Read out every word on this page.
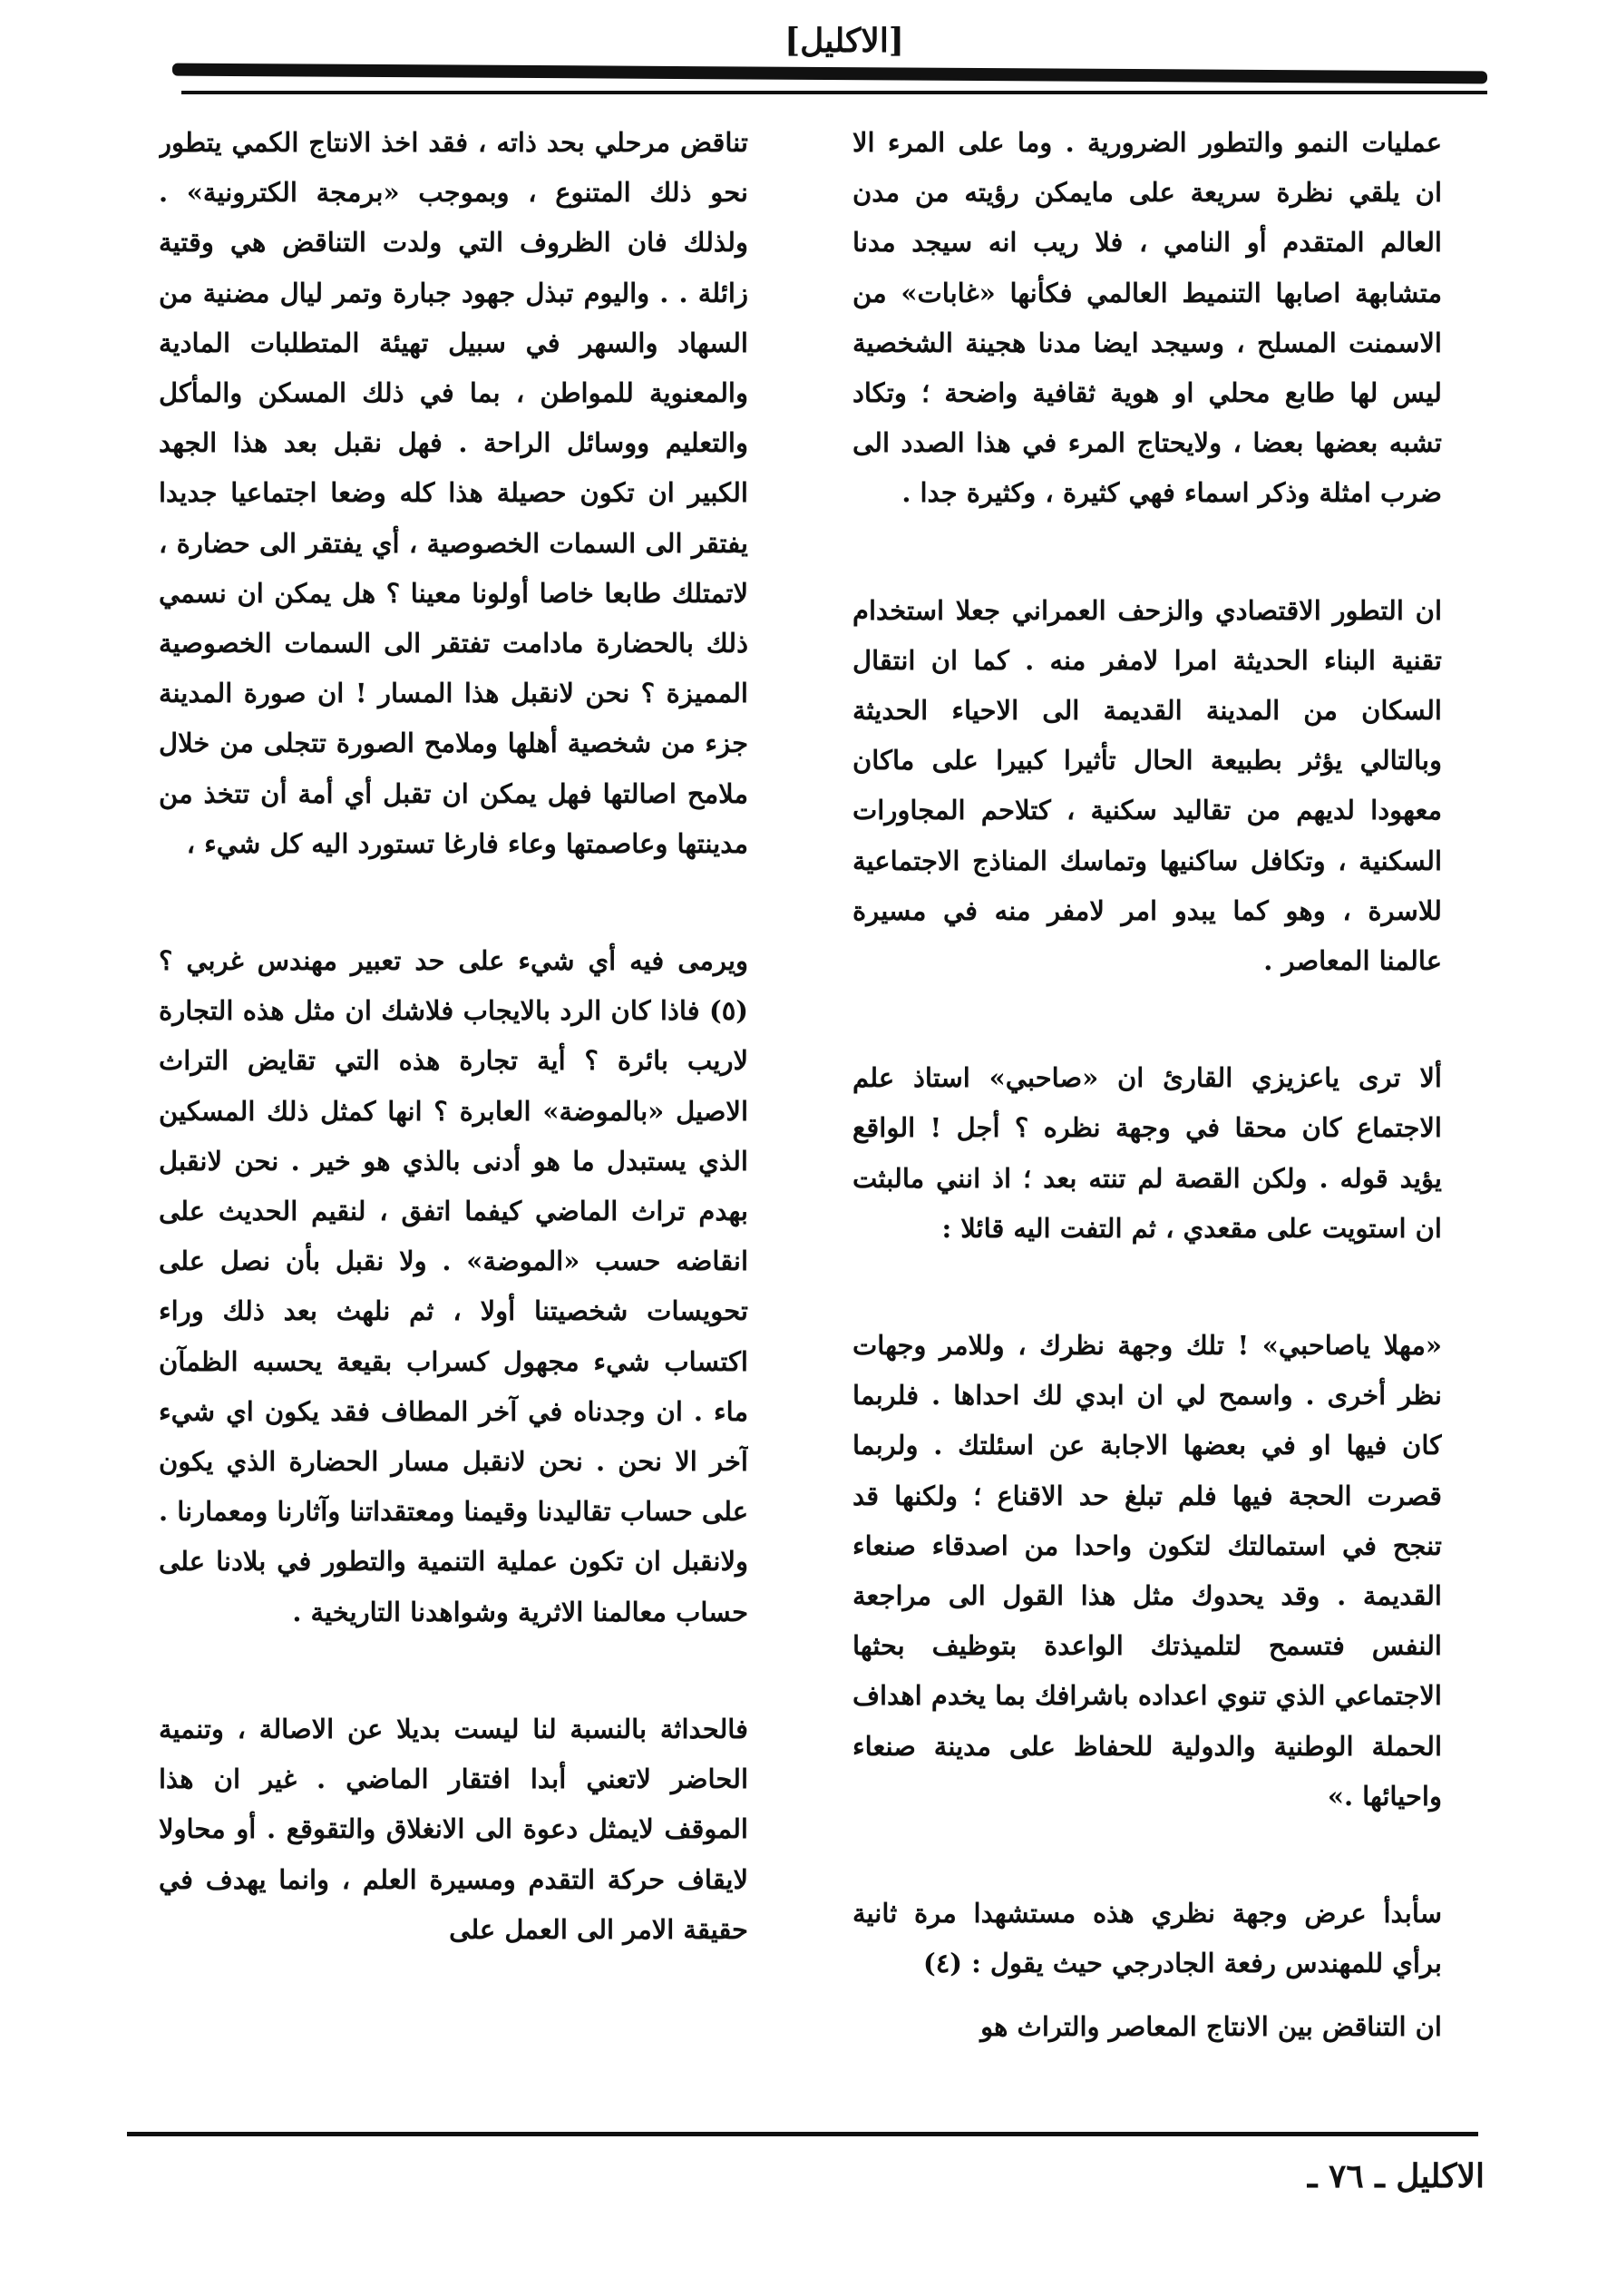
[الاكليل]

عمليات النمو والتطور الضرورية . وما على المرء الا ان يلقي نظرة سريعة على مايمكن رؤيته من مدن العالم المتقدم أو النامي ، فلا ريب انه سيجد مدنا متشابهة اصابها التنميط العالمي فكأنها «غابات» من الاسمنت المسلح ، وسيجد ايضا مدنا هجينة الشخصية ليس لها طابع محلي او هوية ثقافية واضحة ؛ وتكاد تشبه بعضها بعضا ، ولايحتاج المرء في هذا الصدد الى ضرب امثلة وذكر اسماء فهي كثيرة ، وكثيرة جدا .

ان التطور الاقتصادي والزحف العمراني جعلا استخدام تقنية البناء الحديثة امرا لامفر منه . كما ان انتقال السكان من المدينة القديمة الى الاحياء الحديثة وبالتالي يؤثر بطبيعة الحال تأثيرا كبيرا على ماكان معهودا لديهم من تقاليد سكنية ، كتلاحم المجاورات السكنية ، وتكافل ساكنيها وتماسك المناذج الاجتماعية للاسرة ، وهو كما يبدو امر لامفر منه في مسيرة عالمنا المعاصر .

ألا ترى ياعزيزي القارئ ان «صاحبي» استاذ علم الاجتماع كان محقا في وجهة نظره ؟ أجل ! الواقع يؤيد قوله . ولكن القصة لم تنته بعد ؛ اذ انني مالبثت ان استويت على مقعدي ، ثم التفت اليه قائلا :

«مهلا ياصاحبي» ! تلك وجهة نظرك ، وللامر وجهات نظر أخرى . واسمح لي ان ابدي لك احداها . فلربما كان فيها او في بعضها الاجابة عن اسئلتك . ولربما قصرت الحجة فيها فلم تبلغ حد الاقناع ؛ ولكنها قد تنجح في استمالتك لتكون واحدا من اصدقاء صنعاء القديمة . وقد يحدوك مثل هذا القول الى مراجعة النفس فتسمح لتلميذتك الواعدة بتوظيف بحثها الاجتماعي الذي تنوي اعداده باشرافك بما يخدم اهداف الحملة الوطنية والدولية للحفاظ على مدينة صنعاء واحيائها .»

سأبدأ عرض وجهة نظري هذه مستشهدا مرة ثانية برأي للمهندس رفعة الجادرجي حيث يقول : (٤)

ان التناقض بين الانتاج المعاصر والتراث هو

تناقض مرحلي بحد ذاته ، فقد اخذ الانتاج الكمي يتطور نحو ذلك المتنوع ، وبموجب «برمجة الكترونية» . ولذلك فان الظروف التي ولدت التناقض هي وقتية زائلة . . واليوم تبذل جهود جبارة وتمر ليال مضنية من السهاد والسهر في سبيل تهيئة المتطلبات المادية والمعنوية للمواطن ، بما في ذلك المسكن والمأكل والتعليم ووسائل الراحة . فهل نقبل بعد هذا الجهد الكبير ان تكون حصيلة هذا كله وضعا اجتماعيا جديدا يفتقر الى السمات الخصوصية ، أي يفتقر الى حضارة ، لاتمتلك طابعا خاصا أولونا معينا ؟ هل يمكن ان نسمي ذلك بالحضارة مادامت تفتقر الى السمات الخصوصية المميزة ؟ نحن لانقبل هذا المسار ! ان صورة المدينة جزء من شخصية أهلها وملامح الصورة تتجلى من خلال ملامح اصالتها فهل يمكن ان تقبل أي أمة أن تتخذ من مدينتها وعاصمتها وعاء فارغا تستورد اليه كل شيء ،

ويرمى فيه أي شيء على حد تعبير مهندس غربي ؟ (٥) فاذا كان الرد بالايجاب فلاشك ان مثل هذه التجارة لاريب بائرة ؟ أية تجارة هذه التي تقايض التراث الاصيل «بالموضة» العابرة ؟ انها كمثل ذلك المسكين الذي يستبدل ما هو أدنى بالذي هو خير . نحن لانقبل بهدم تراث الماضي كيفما اتفق ، لنقيم الحديث على انقاضه حسب «الموضة» . ولا نقبل بأن نصل على تحويسات شخصيتنا أولا ، ثم نلهث بعد ذلك وراء اكتساب شيء مجهول كسراب بقيعة يحسبه الظمآن ماء . ان وجدناه في آخر المطاف فقد يكون اي شيء آخر الا نحن . نحن لانقبل مسار الحضارة الذي يكون على حساب تقاليدنا وقيمنا ومعتقداتنا وآثارنا ومعمارنا . ولانقبل ان تكون عملية التنمية والتطور في بلادنا على حساب معالمنا الاثرية وشواهدنا التاريخية .

فالحداثة بالنسبة لنا ليست بديلا عن الاصالة ، وتنمية الحاضر لاتعني أبدا افتقار الماضي . غير ان هذا الموقف لايمثل دعوة الى الانغلاق والتقوقع . أو محاولا لايقاف حركة التقدم ومسيرة العلم ، وانما يهدف في حقيقة الامر الى العمل على

الاكليل ـ ٧٦ ـ
